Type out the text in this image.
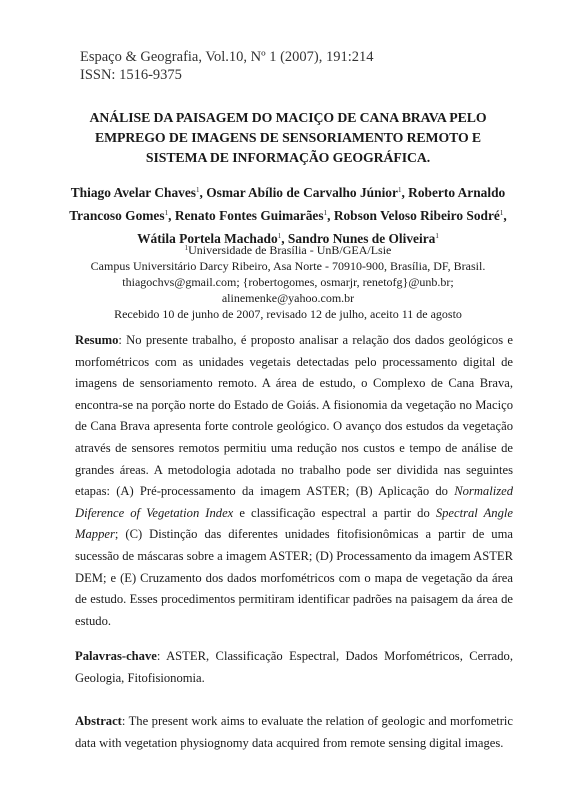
Espaço & Geografia, Vol.10, Nº 1 (2007), 191:214
ISSN: 1516-9375
ANÁLISE DA PAISAGEM DO MACIÇO DE CANA BRAVA PELO
EMPREGO DE IMAGENS DE SENSORIAMENTO REMOTO E
SISTEMA DE INFORMAÇÃO GEOGRÁFICA.
Thiago Avelar Chaves$^1$, Osmar Abílio de Carvalho Júnior$^1$, Roberto Arnaldo Trancoso Gomes$^1$, Renato Fontes Guimarães$^1$, Robson Veloso Ribeiro Sodré$^1$, Wátila Portela Machado$^1$, Sandro Nunes de Oliveira$^1$
$^1$Universidade de Brasília - UnB/GEA/Lsie
Campus Universitário Darcy Ribeiro, Asa Norte - 70910-900, Brasília, DF, Brasil.
thiagochvs@gmail.com; {robertogomes, osmarjr, renetofg}@unb.br;
alinemenke@yahoo.com.br
Recebido 10 de junho de 2007, revisado 12 de julho, aceito 11 de agosto
Resumo: No presente trabalho, é proposto analisar a relação dos dados geológicos e morfométricos com as unidades vegetais detectadas pelo processamento digital de imagens de sensoriamento remoto. A área de estudo, o Complexo de Cana Brava, encontra-se na porção norte do Estado de Goiás. A fisionomia da vegetação no Maciço de Cana Brava apresenta forte controle geológico. O avanço dos estudos da vegetação através de sensores remotos permitiu uma redução nos custos e tempo de análise de grandes áreas. A metodologia adotada no trabalho pode ser dividida nas seguintes etapas: (A) Pré-processamento da imagem ASTER; (B) Aplicação do Normalized Diference of Vegetation Index e classificação espectral a partir do Spectral Angle Mapper; (C) Distinção das diferentes unidades fitofisionômicas a partir de uma sucessão de máscaras sobre a imagem ASTER; (D) Processamento da imagem ASTER DEM; e (E) Cruzamento dos dados morfométricos com o mapa de vegetação da área de estudo. Esses procedimentos permitiram identificar padrões na paisagem da área de estudo.
Palavras-chave: ASTER, Classificação Espectral, Dados Morfométricos, Cerrado, Geologia, Fitofisionomia.
Abstract: The present work aims to evaluate the relation of geologic and morfometric data with vegetation physiognomy data acquired from remote sensing digital images.
